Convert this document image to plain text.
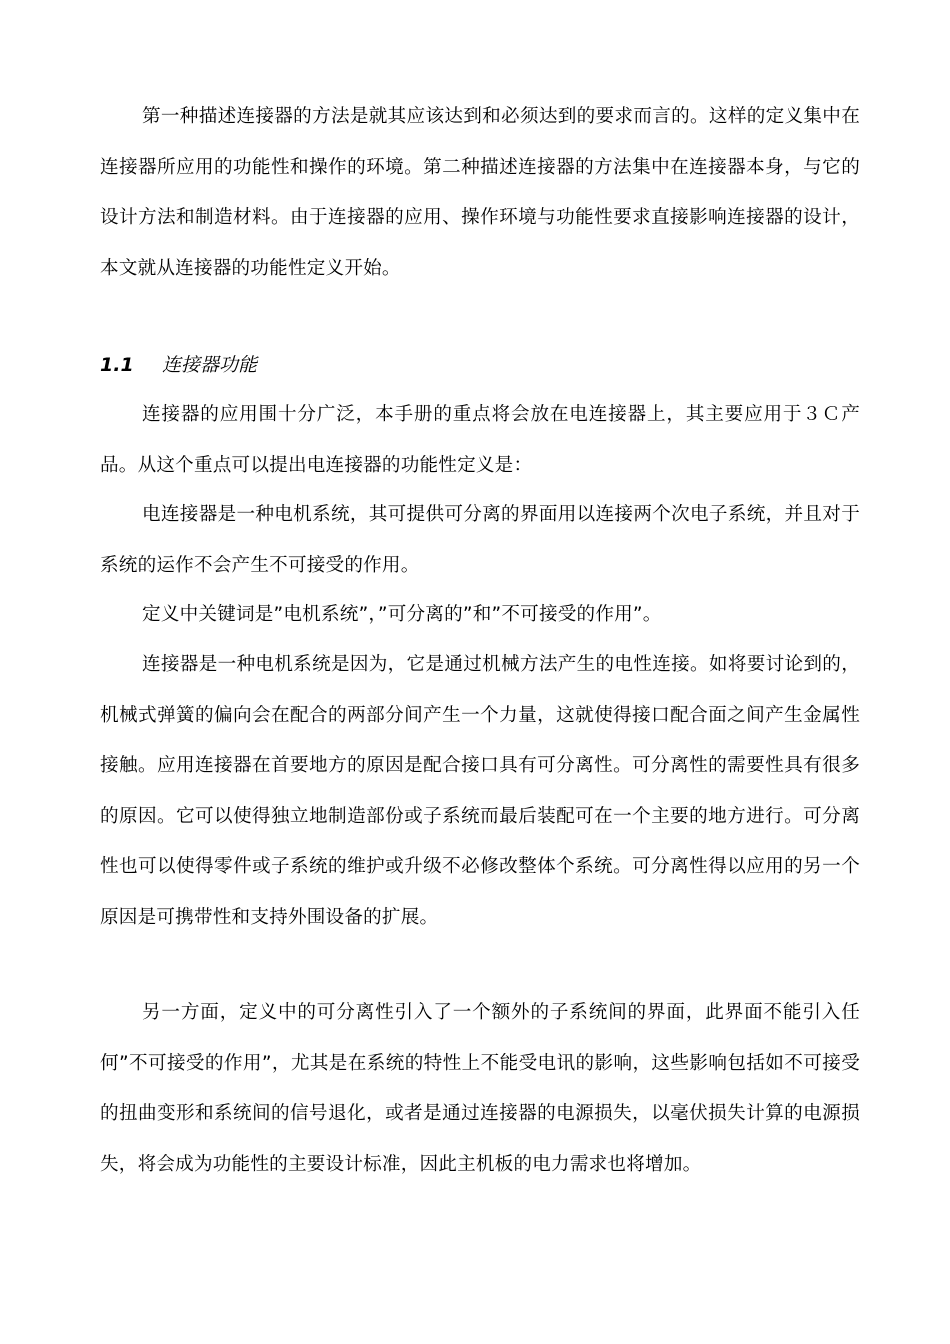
第一种描述连接器的方法是就其应该达到和必须达到的要求而言的。这样的定义集中在连接器所应用的功能性和操作的环境。第二种描述连接器的方法集中在连接器本身，与它的设计方法和制造材料。由于连接器的应用、操作环境与功能性要求直接影响连接器的设计，本文就从连接器的功能性定义开始。

1.1	连接器功能

连接器的应用围十分广泛，本手册的重点将会放在电连接器上，其主要应用于３Ｃ产品。从这个重点可以提出电连接器的功能性定义是：

电连接器是一种电机系统，其可提供可分离的界面用以连接两个次电子系统，并且对于系统的运作不会产生不可接受的作用。

定义中关键词是”电机系统”，”可分离的”和”不可接受的作用”。

连接器是一种电机系统是因为，它是通过机械方法产生的电性连接。如将要讨论到的，机械式弹簧的偏向会在配合的两部分间产生一个力量，这就使得接口配合面之间产生金属性接触。应用连接器在首要地方的原因是配合接口具有可分离性。可分离性的需要性具有很多的原因。它可以使得独立地制造部份或子系统而最后装配可在一个主要的地方进行。可分离性也可以使得零件或子系统的维护或升级不必修改整体个系统。可分离性得以应用的另一个原因是可携带性和支持外围设备的扩展。

另一方面，定义中的可分离性引入了一个额外的子系统间的界面，此界面不能引入任何”不可接受的作用”，尤其是在系统的特性上不能受电讯的影响，这些影响包括如不可接受的扭曲变形和系统间的信号退化，或者是通过连接器的电源损失，以毫伏损失计算的电源损失，将会成为功能性的主要设计标准，因此主机板的电力需求也将增加。
